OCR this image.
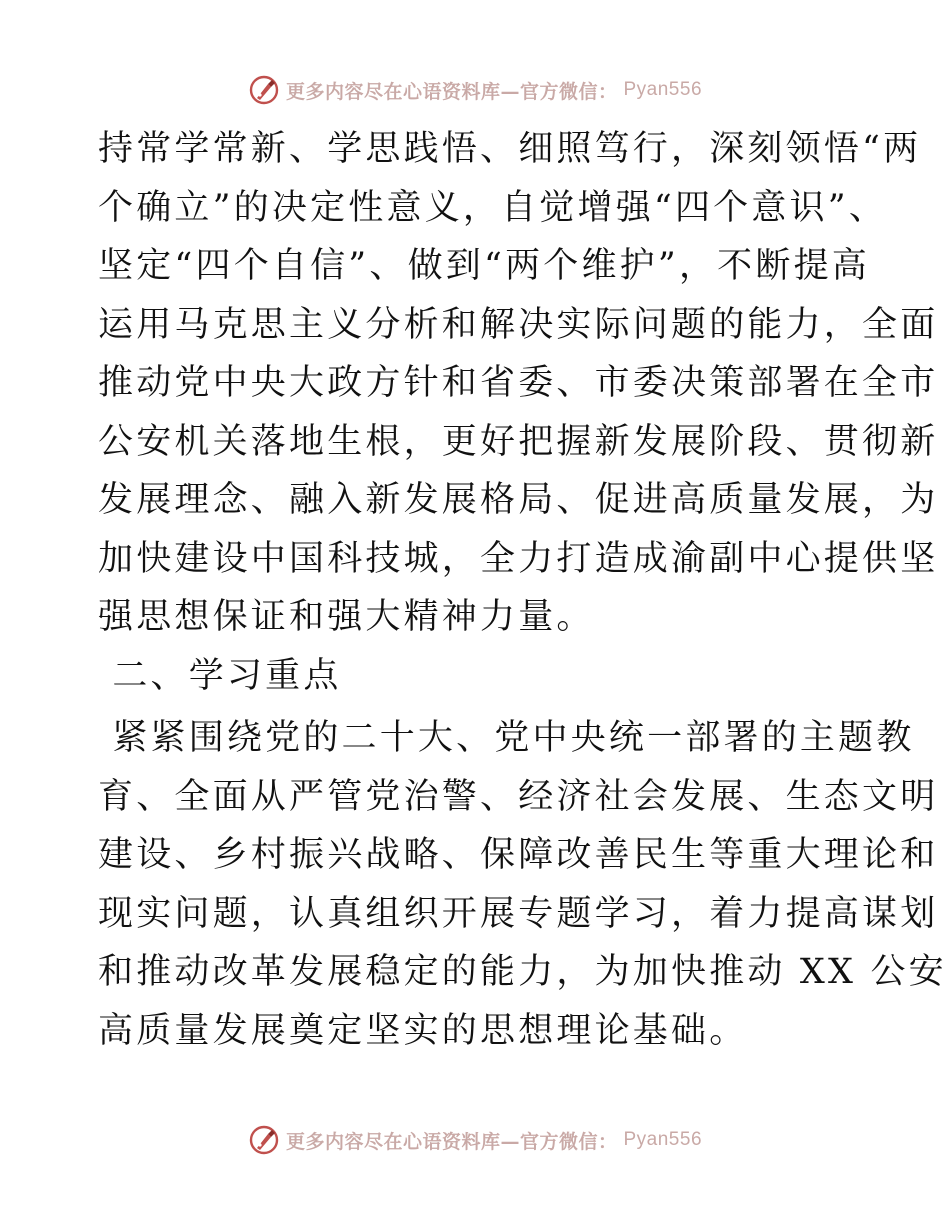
更多内容尽在心语资料库—官方微信： Pyan556
持常学常新、学思践悟、细照笃行，深刻领悟“两
个确立”的决定性意义，自觉增强“四个意识”、
坚定“四个自信”、做到“两个维护”，不断提高
运用马克思主义分析和解决实际问题的能力，全面
推动党中央大政方针和省委、市委决策部署在全市
公安机关落地生根，更好把握新发展阶段、贯彻新
发展理念、融入新发展格局、促进高质量发展，为
加快建设中国科技城，全力打造成渝副中心提供坚
强思想保证和强大精神力量。
二、学习重点
紧紧围绕党的二十大、党中央统一部署的主题教
育、全面从严管党治警、经济社会发展、生态文明
建设、乡村振兴战略、保障改善民生等重大理论和
现实问题，认真组织开展专题学习，着力提高谋划
和推动改革发展稳定的能力，为加快推动 XX 公安
高质量发展奠定坚实的思想理论基础。
更多内容尽在心语资料库—官方微信： Pyan556
